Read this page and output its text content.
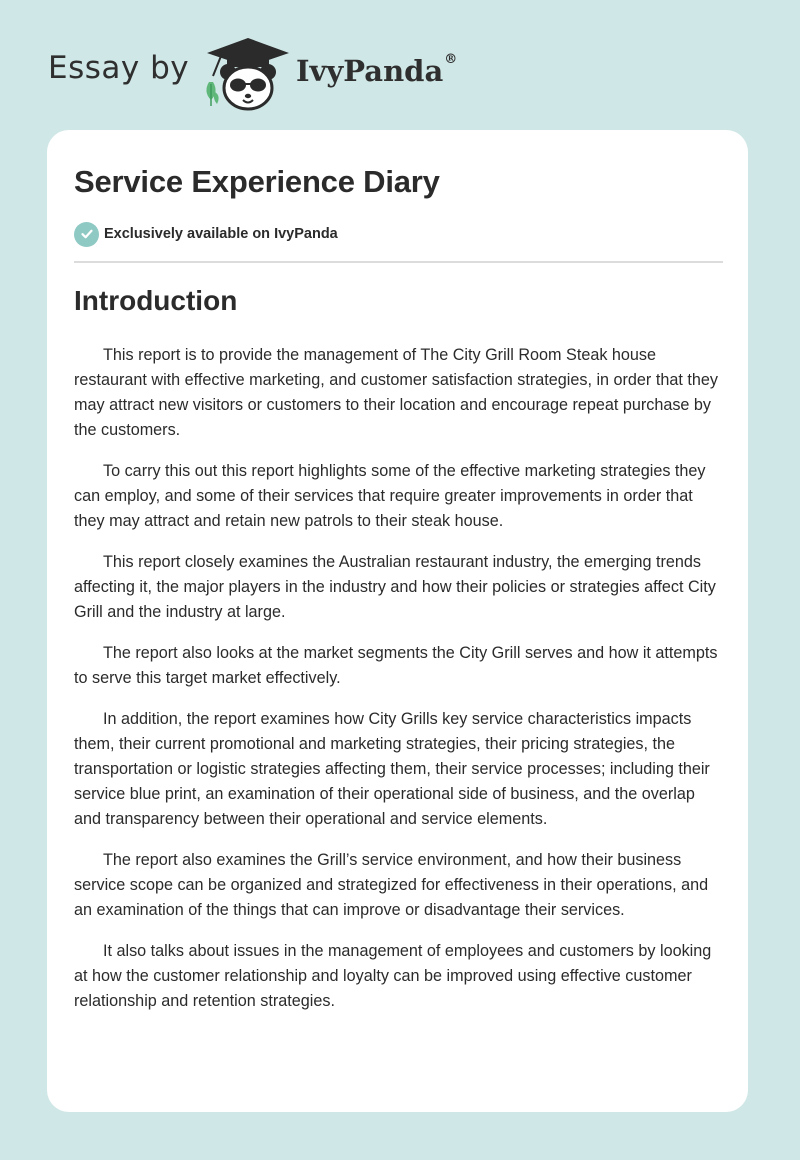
Essay by	IvyPanda®
Service Experience Diary
Exclusively available on IvyPanda
Introduction

This report is to provide the management of The City Grill Room Steak house restaurant with effective marketing, and customer satisfaction strategies, in order that they may attract new visitors or customers to their location and encourage repeat purchase by the customers.

To carry this out this report highlights some of the effective marketing strategies they can employ, and some of their services that require greater improvements in order that they may attract and retain new patrols to their steak house.

This report closely examines the Australian restaurant industry, the emerging trends affecting it, the major players in the industry and how their policies or strategies affect City Grill and the industry at large.

The report also looks at the market segments the City Grill serves and how it attempts to serve this target market effectively.

In addition, the report examines how City Grills key service characteristics impacts them, their current promotional and marketing strategies, their pricing strategies, the transportation or logistic strategies affecting them, their service processes; including their service blue print, an examination of their operational side of business, and the overlap and transparency between their operational and service elements.

The report also examines the Grill’s service environment, and how their business service scope can be organized and strategized for effectiveness in their operations, and an examination of the things that can improve or disadvantage their services.

It also talks about issues in the management of employees and customers by looking at how the customer relationship and loyalty can be improved using effective customer relationship and retention strategies.
